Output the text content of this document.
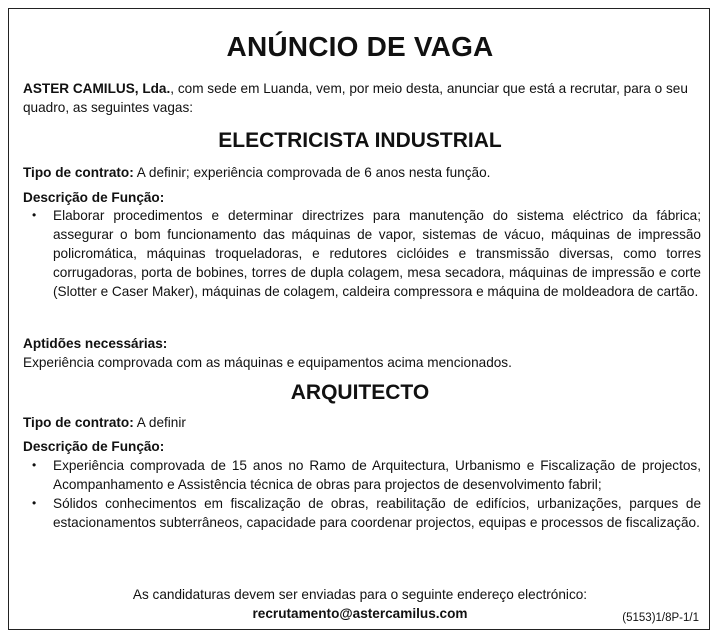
ANÚNCIO DE VAGA
ASTER CAMILUS, Lda., com sede em Luanda, vem, por meio desta, anunciar que está a recrutar, para o seu quadro, as seguintes vagas:
ELECTRICISTA INDUSTRIAL
Tipo de contrato: A definir; experiência comprovada de 6 anos nesta função.
Descrição de Função:
• Elaborar procedimentos e determinar directrizes para manutenção do sistema eléctrico da fábrica; assegurar o bom funcionamento das máquinas de vapor, sistemas de vácuo, máquinas de impressão policromática, máquinas troqueladoras, e redutores ciclóides e transmissão diversas, como torres corrugadoras, porta de bobines, torres de dupla colagem, mesa secadora, máquinas de impressão e corte (Slotter e Caser Maker), máquinas de colagem, caldeira compressora e máquina de moldeadora de cartão.
Aptidões necessárias:
Experiência comprovada com as máquinas e equipamentos acima mencionados.
ARQUITECTO
Tipo de contrato: A definir
Descrição de Função:
• Experiência comprovada de 15 anos no Ramo de Arquitectura, Urbanismo e Fiscalização de projectos, Acompanhamento e Assistência técnica de obras para projectos de desenvolvimento fabril;
• Sólidos conhecimentos em fiscalização de obras, reabilitação de edifícios, urbanizações, parques de estacionamentos subterrâneos, capacidade para coordenar projectos, equipas e processos de fiscalização.
As candidaturas devem ser enviadas para o seguinte endereço electrónico:
recrutamento@astercamilus.com	(5153)1/8P-1/1
